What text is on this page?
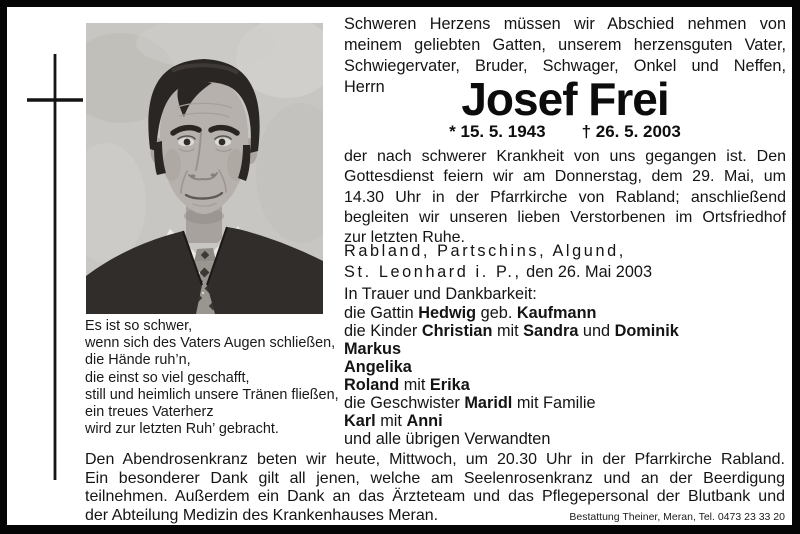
Es ist so schwer,
wenn sich des Vaters Augen schließen,
die Hände ruh’n,
die einst so viel geschafft,
still und heimlich unsere Tränen fließen,
ein treues Vaterherz
wird zur letzten Ruh’ gebracht.
Schweren Herzens müssen wir Abschied nehmen von
meinem geliebten Gatten, unserem herzensguten Vater,
Schwiegervater, Bruder, Schwager, Onkel und Neffen,
Herrn	Josef Frei
* 15. 5. 1943 † 26. 5. 2003
der nach schwerer Krankheit von uns gegangen ist. Den
Gottesdienst feiern wir am Donnerstag, dem 29. Mai, um
14.30 Uhr in der Pfarrkirche von Rabland; anschließend
begleiten wir unseren lieben Verstorbenen im Ortsfriedhof
zur letzten Ruhe.
Rabland, Partschins, Algund,
St. Leonhard i. P., den 26. Mai 2003
In Trauer und Dankbarkeit:
die Gattin Hedwig geb. Kaufmann
die Kinder Christian mit Sandra und Dominik
Markus
Angelika
Roland mit Erika
die Geschwister Maridl mit Familie
Karl mit Anni
und alle übrigen Verwandten
Den Abendrosenkranz beten wir heute, Mittwoch, um 20.30 Uhr in der Pfarrkirche Rabland.
Ein besonderer Dank gilt all jenen, welche am Seelenrosenkranz und an der Beerdigung
teilnehmen. Außerdem ein Dank an das Ärzteteam und das Pflegepersonal der Blutbank und
der Abteilung Medizin des Krankenhauses Meran.	Bestattung Theiner, Meran, Tel. 0473 23 33 20
